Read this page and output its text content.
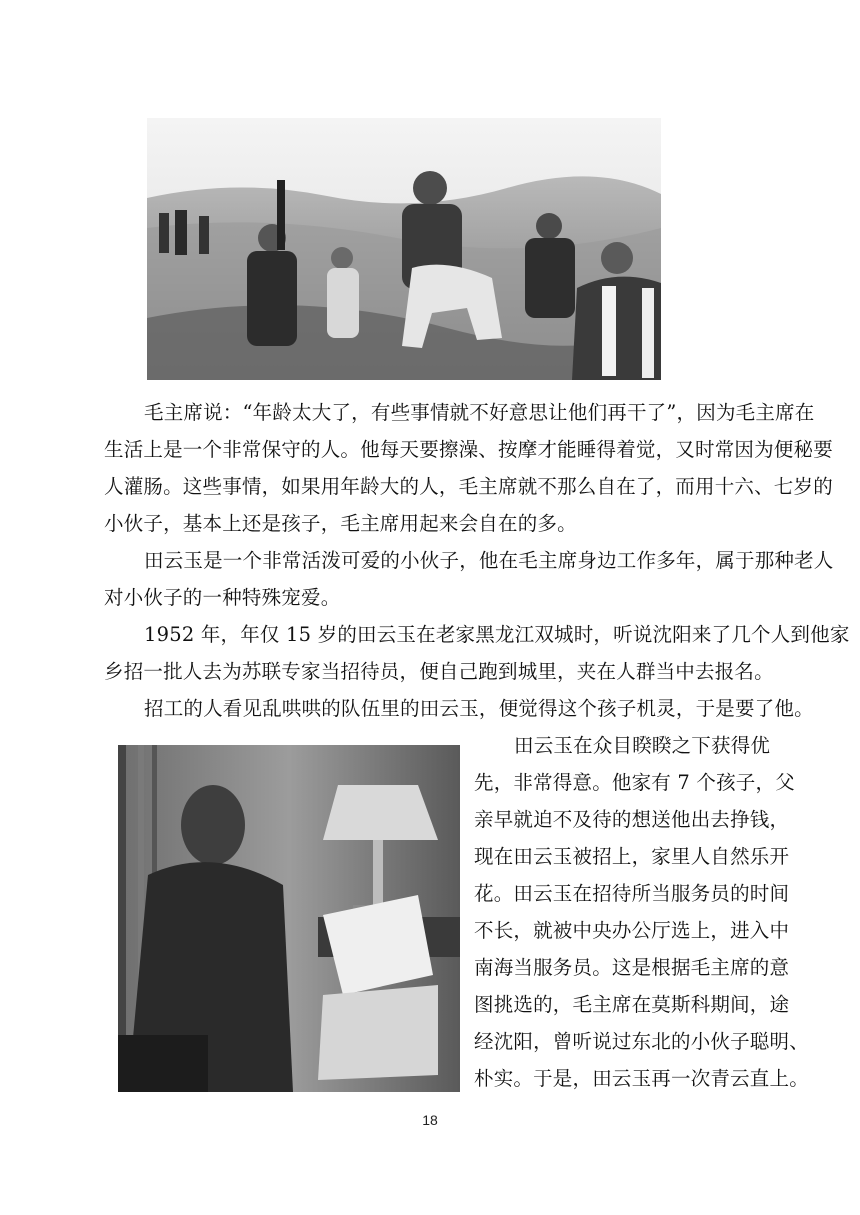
毛主席说：“年龄太大了，有些事情就不好意思让他们再干了”，因为毛主席在
生活上是一个非常保守的人。他每天要擦澡、按摩才能睡得着觉，又时常因为便秘要
人灌肠。这些事情，如果用年龄大的人，毛主席就不那么自在了，而用十六、七岁的
小伙子，基本上还是孩子，毛主席用起来会自在的多。

田云玉是一个非常活泼可爱的小伙子，他在毛主席身边工作多年，属于那种老人
对小伙子的一种特殊宠爱。

1952 年，年仅 15 岁的田云玉在老家黑龙江双城时，听说沈阳来了几个人到他家
乡招一批人去为苏联专家当招待员，便自己跑到城里，夹在人群当中去报名。

招工的人看见乱哄哄的队伍里的田云玉，便觉得这个孩子机灵，于是要了他。

田云玉在众目睽睽之下获得优
先，非常得意。他家有 7 个孩子，父
亲早就迫不及待的想送他出去挣钱，
现在田云玉被招上，家里人自然乐开
花。田云玉在招待所当服务员的时间
不长，就被中央办公厅选上，进入中
南海当服务员。这是根据毛主席的意
图挑选的，毛主席在莫斯科期间，途
经沈阳，曾听说过东北的小伙子聪明、
朴实。于是，田云玉再一次青云直上。

18
